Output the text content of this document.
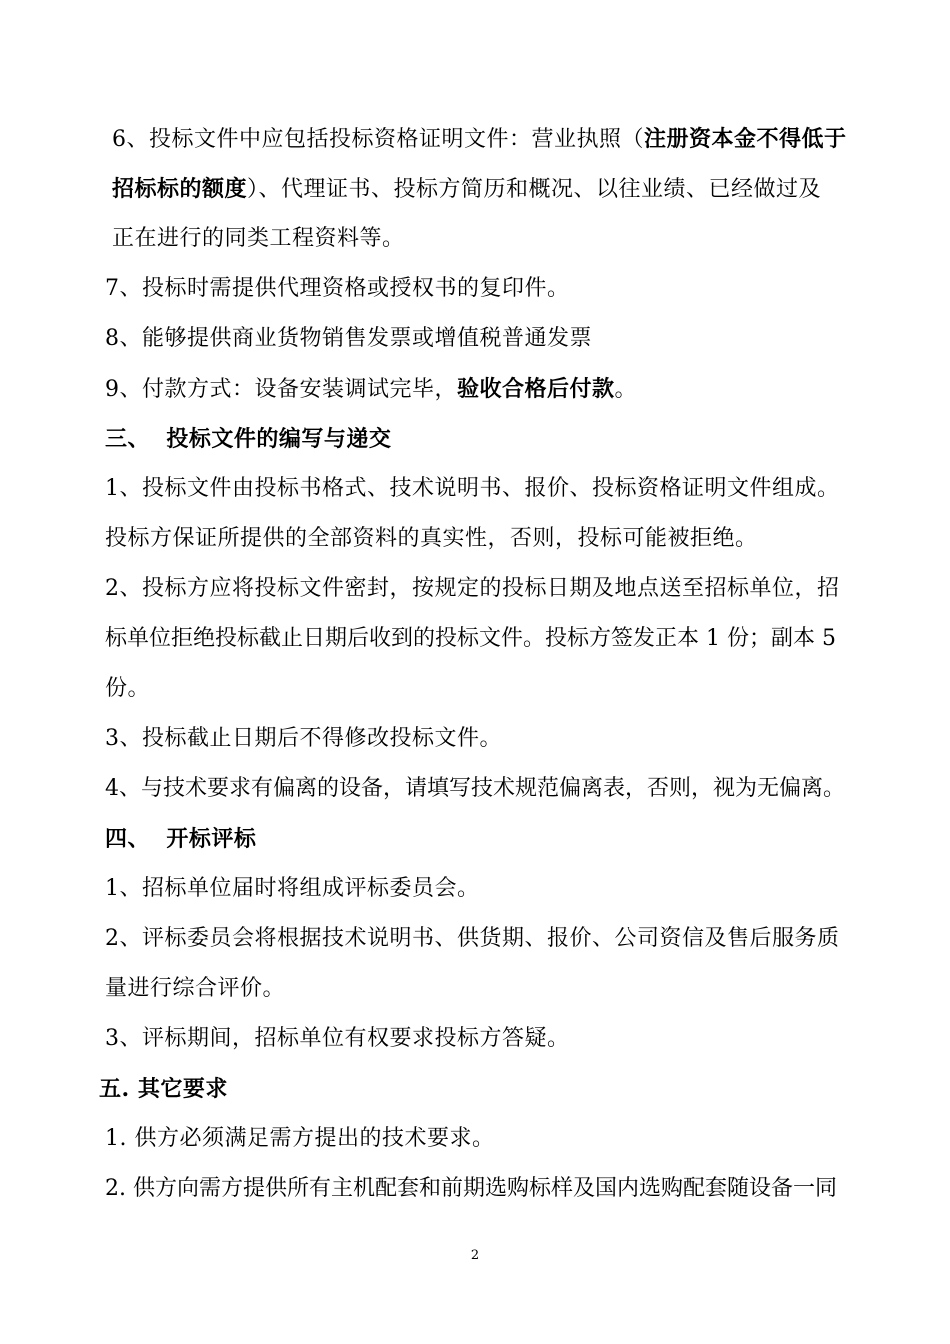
6、投标文件中应包括投标资格证明文件：营业执照（注册资本金不得低于
招标标的额度）、代理证书、投标方简历和概况、以往业绩、已经做过及
正在进行的同类工程资料等。
7、投标时需提供代理资格或授权书的复印件。
8、能够提供商业货物销售发票或增值税普通发票
9、付款方式：设备安装调试完毕，验收合格后付款。
三、  投标文件的编写与递交
1、投标文件由投标书格式、技术说明书、报价、投标资格证明文件组成。
投标方保证所提供的全部资料的真实性，否则，投标可能被拒绝。
2、投标方应将投标文件密封，按规定的投标日期及地点送至招标单位，招
标单位拒绝投标截止日期后收到的投标文件。投标方签发正本 1 份；副本 5
份。
3、投标截止日期后不得修改投标文件。
4、与技术要求有偏离的设备，请填写技术规范偏离表，否则，视为无偏离。
四、  开标评标
1、招标单位届时将组成评标委员会。
2、评标委员会将根据技术说明书、供货期、报价、公司资信及售后服务质
量进行综合评价。
3、评标期间，招标单位有权要求投标方答疑。
五. 其它要求
1. 供方必须满足需方提出的技术要求。
2. 供方向需方提供所有主机配套和前期选购标样及国内选购配套随设备一同
2
